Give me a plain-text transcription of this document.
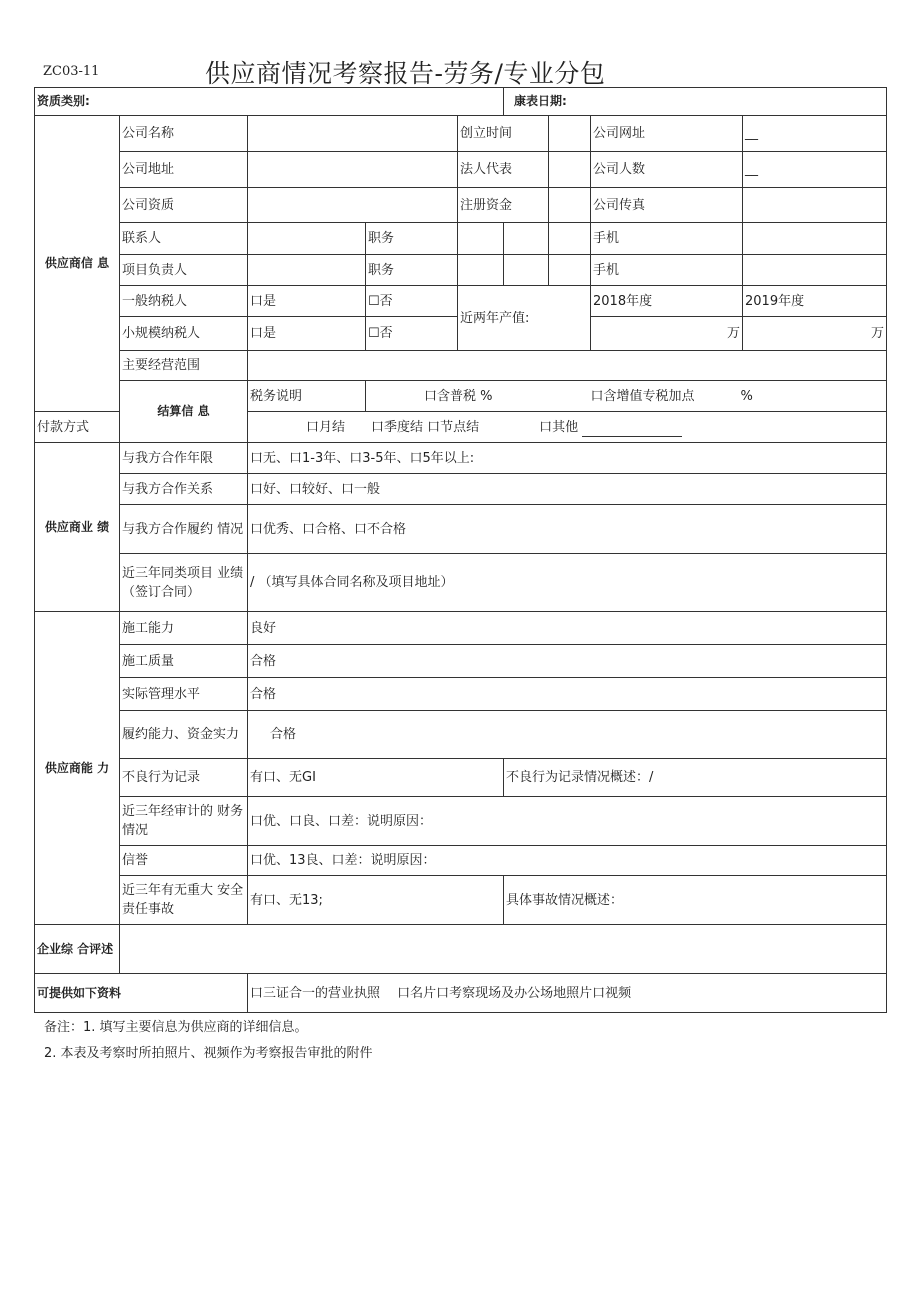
ZC03-11	供应商情况考察报告-劳务/专业分包
资质类别:					康表日期:			
供应商信 息	公司名称			创立时间			公司网址	__
	公司地址			法人代表			公司人数	__
	公司资质			注册资金			公司传真	
	联系人		职务				手机	
	项目负责人		职务				手机	
	一般纳税人	口是	☐否	近两年产值:			2018年度	2019年度
	小规模纳税人	口是	☐否				万	万
	主要经营范围							
	结算信 息	税务说明	口含普税 % 口含增值专税加点 %					
付款方式		口月结　　口季度结 口节点结 口其他						
供应商业 绩	与我方合作年限	口无、口1-3年、口3-5年、口5年以上:						
	与我方合作关系	口好、口较好、口一般						
	与我方合作履约 情况	口优秀、口合格、口不合格						
	近三年同类项目 业绩（签订合同）	/ （填写具体合同名称及项目地址）						
供应商能 力	施工能力	良好						
	施工质量	合格						
	实际管理水平	合格						
	履约能力、资金实力	合格						
	不良行为记录	有口、无GI			不良行为记录情况概述：/			
	近三年经审计的 财务情况	口优、口良、口差：说明原因：						
	信誉	口优、13良、口差：说明原因：						
	近三年有无重大 安全责任事故	有口、无13;			具体事故情况概述：			
企业综 合评述								
可提供如下资料		口三证合一的营业执照　 口名片口考察现场及办公场地照片口视频						
备注：1. 填写主要信息为供应商的详细信息。
2. 本表及考察时所拍照片、视频作为考察报告审批的附件
